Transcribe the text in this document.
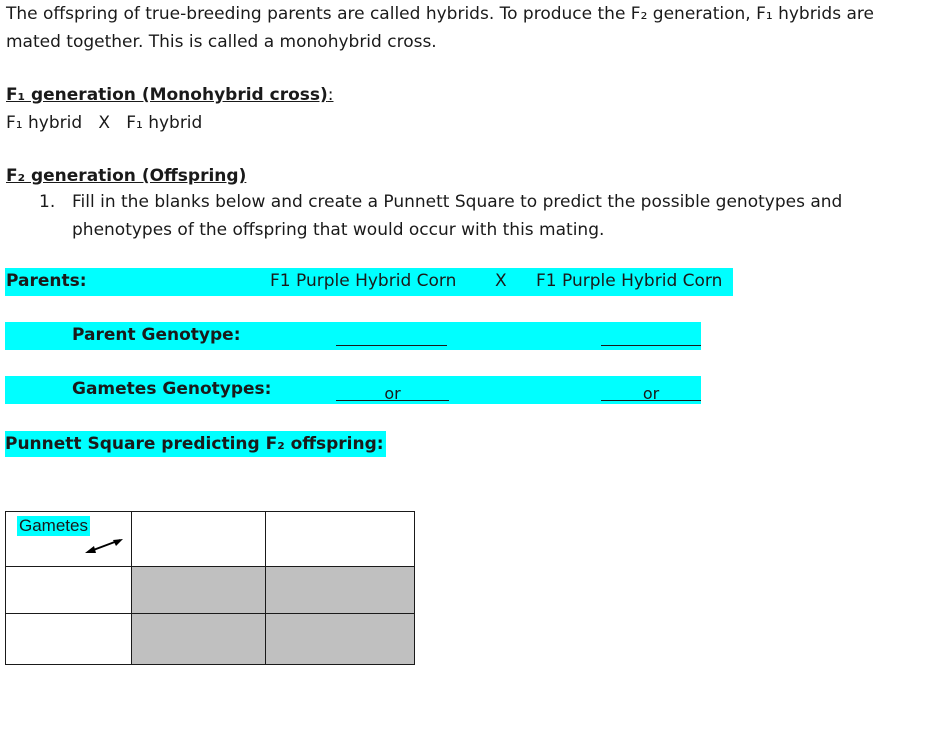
The offspring of true-breeding parents are called hybrids. To produce the F₂ generation, F₁ hybrids are
mated together. This is called a monohybrid cross.
F₁ generation (Monohybrid cross):
F₁ hybrid   X   F₁ hybrid
F₂ generation (Offspring)
1. Fill in the blanks below and create a Punnett Square to predict the possible genotypes and
phenotypes of the offspring that would occur with this mating.
Parents:	F1 Purple Hybrid Corn X F1 Purple Hybrid Corn
Parent Genotype:
Gametes Genotypes:	or	or
Punnett Square predicting F₂ offspring:
Gametes		
